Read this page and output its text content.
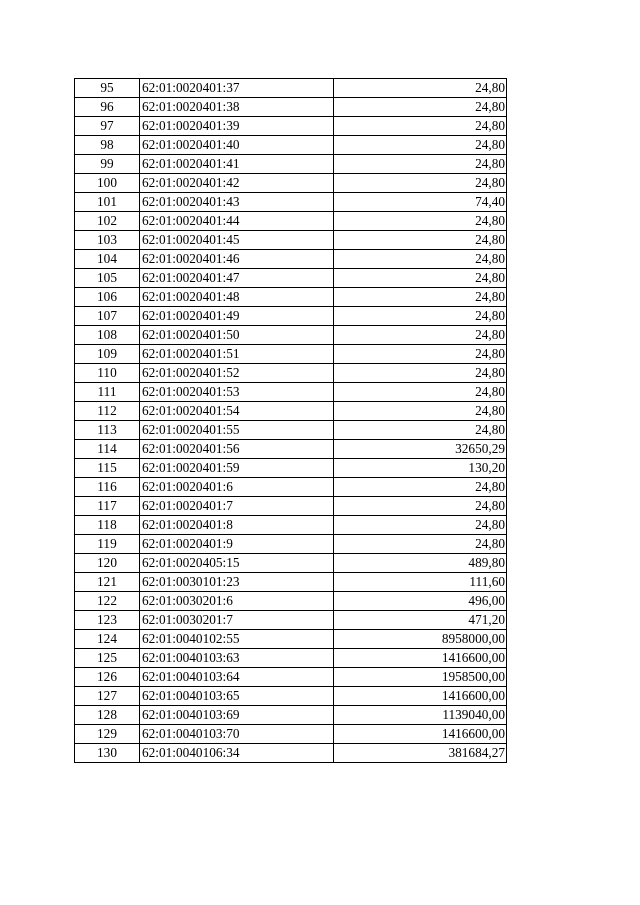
95	62:01:0020401:37	24,80
96	62:01:0020401:38	24,80
97	62:01:0020401:39	24,80
98	62:01:0020401:40	24,80
99	62:01:0020401:41	24,80
100	62:01:0020401:42	24,80
101	62:01:0020401:43	74,40
102	62:01:0020401:44	24,80
103	62:01:0020401:45	24,80
104	62:01:0020401:46	24,80
105	62:01:0020401:47	24,80
106	62:01:0020401:48	24,80
107	62:01:0020401:49	24,80
108	62:01:0020401:50	24,80
109	62:01:0020401:51	24,80
110	62:01:0020401:52	24,80
111	62:01:0020401:53	24,80
112	62:01:0020401:54	24,80
113	62:01:0020401:55	24,80
114	62:01:0020401:56	32650,29
115	62:01:0020401:59	130,20
116	62:01:0020401:6	24,80
117	62:01:0020401:7	24,80
118	62:01:0020401:8	24,80
119	62:01:0020401:9	24,80
120	62:01:0020405:15	489,80
121	62:01:0030101:23	111,60
122	62:01:0030201:6	496,00
123	62:01:0030201:7	471,20
124	62:01:0040102:55	8958000,00
125	62:01:0040103:63	1416600,00
126	62:01:0040103:64	1958500,00
127	62:01:0040103:65	1416600,00
128	62:01:0040103:69	1139040,00
129	62:01:0040103:70	1416600,00
130	62:01:0040106:34	381684,27
